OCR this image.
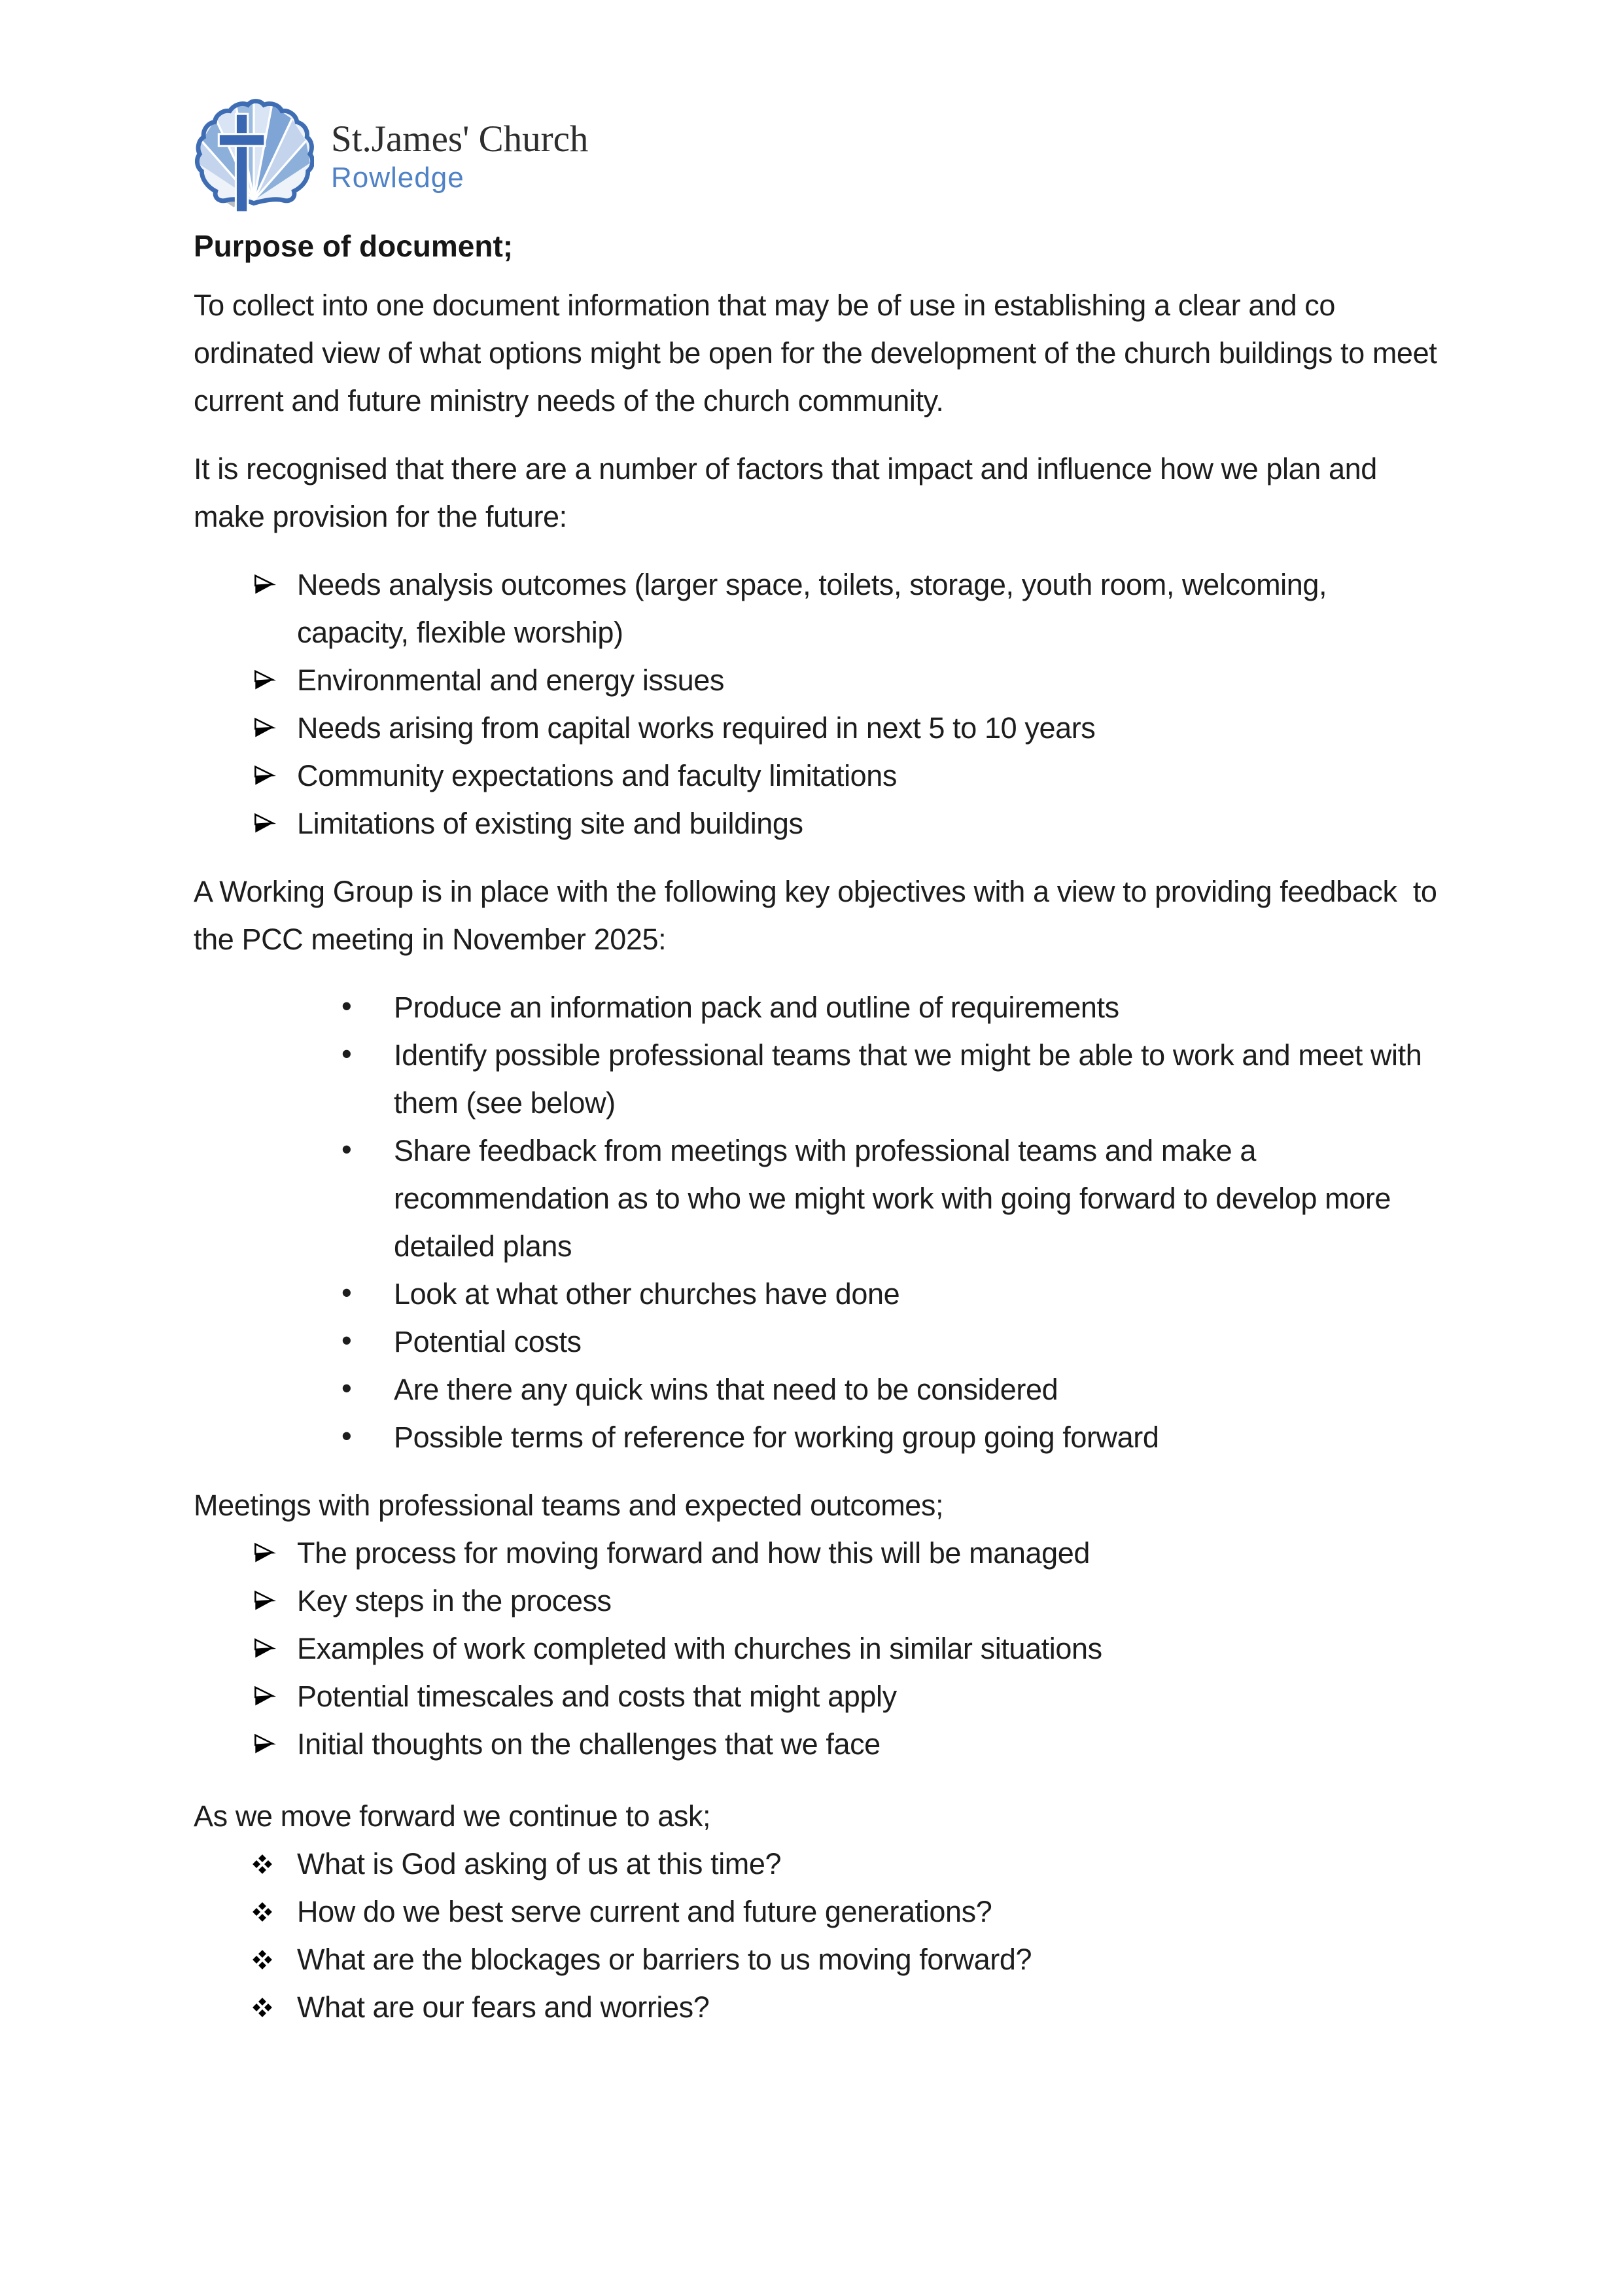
St.James' Church
Rowledge
Purpose of document;

To collect into one document information that may be of use in establishing a clear and co ordinated view of what options might be open for the development of the church buildings to meet current and future ministry needs of the church community.

It is recognised that there are a number of factors that impact and influence how we plan and make provision for the future:

Needs analysis outcomes (larger space, toilets, storage, youth room, welcoming, capacity, flexible worship)
Environmental and energy issues
Needs arising from capital works required in next 5 to 10 years
Community expectations and faculty limitations
Limitations of existing site and buildings

A Working Group is in place with the following key objectives with a view to providing feedback  to the PCC meeting in November 2025:

• Produce an information pack and outline of requirements
• Identify possible professional teams that we might be able to work and meet with them (see below)
• Share feedback from meetings with professional teams and make a recommendation as to who we might work with going forward to develop more detailed plans
• Look at what other churches have done
• Potential costs
• Are there any quick wins that need to be considered
• Possible terms of reference for working group going forward

Meetings with professional teams and expected outcomes;

The process for moving forward and how this will be managed
Key steps in the process
Examples of work completed with churches in similar situations
Potential timescales and costs that might apply
Initial thoughts on the challenges that we face

As we move forward we continue to ask;

What is God asking of us at this time?
How do we best serve current and future generations?
What are the blockages or barriers to us moving forward?
What are our fears and worries?
